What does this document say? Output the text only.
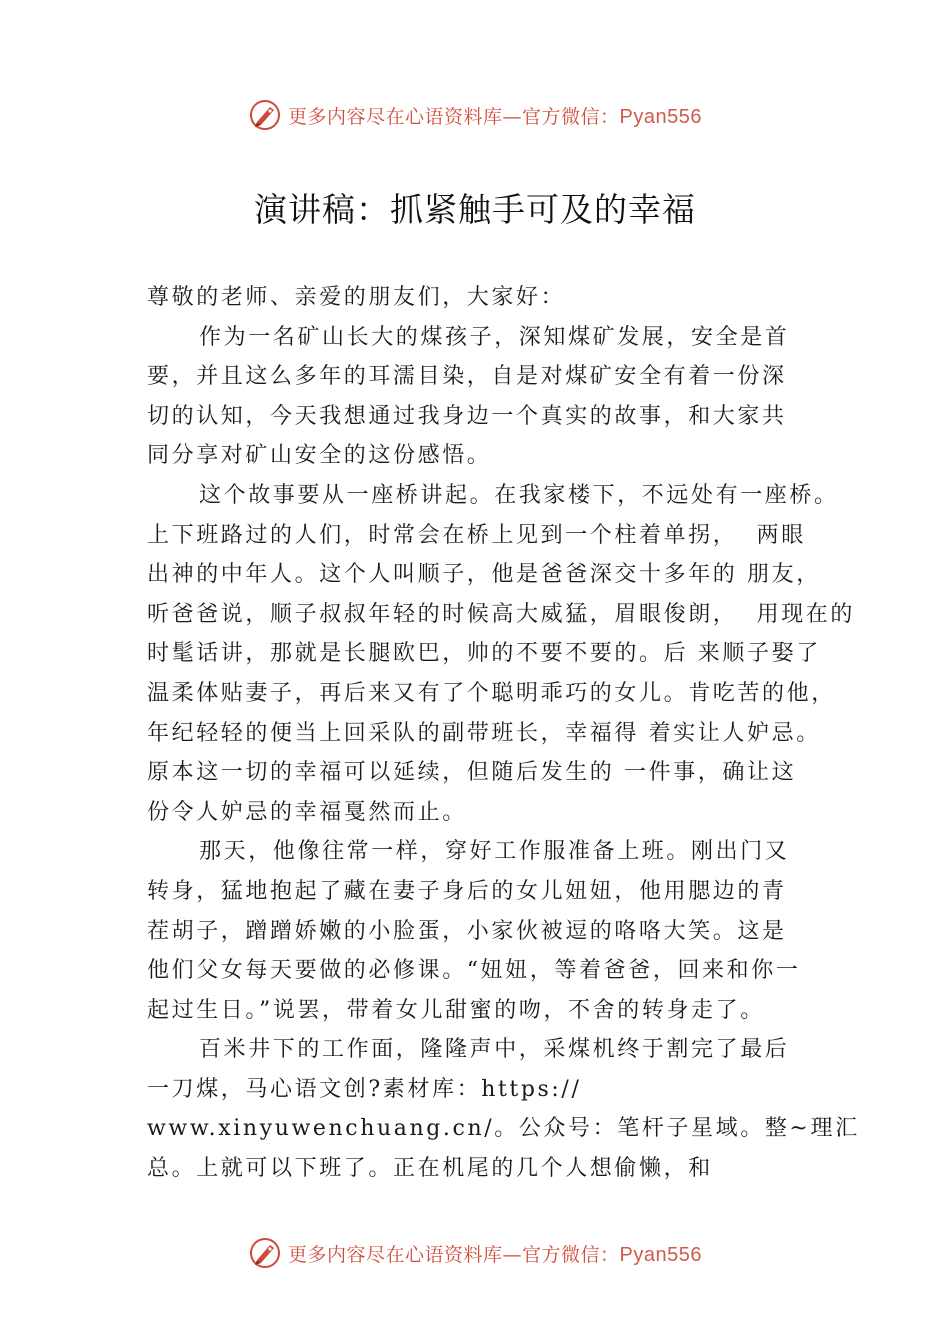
更多内容尽在心语资料库—官方微信：Pyan556
演讲稿：抓紧触手可及的幸福
尊敬的老师、亲爱的朋友们，大家好：
作为一名矿山长大的煤孩子，深知煤矿发展，安全是首
要，并且这么多年的耳濡目染，自是对煤矿安全有着一份深
切的认知，今天我想通过我身边一个真实的故事，和大家共
同分享对矿山安全的这份感悟。
这个故事要从一座桥讲起。在我家楼下，不远处有一座桥。
上下班路过的人们，时常会在桥上见到一个柱着单拐，  两眼
出神的中年人。这个人叫顺子，他是爸爸深交十多年的 朋友，
听爸爸说，顺子叔叔年轻的时候高大威猛，眉眼俊朗，  用现在的
时髦话讲，那就是长腿欧巴，帅的不要不要的。后 来顺子娶了
温柔体贴妻子，再后来又有了个聪明乖巧的女儿。肯吃苦的他，
年纪轻轻的便当上回采队的副带班长，幸福得 着实让人妒忌。
原本这一切的幸福可以延续，但随后发生的 一件事，确让这
份令人妒忌的幸福戛然而止。
那天，他像往常一样，穿好工作服准备上班。刚出门又
转身，猛地抱起了藏在妻子身后的女儿妞妞，他用腮边的青
茬胡子，蹭蹭娇嫩的小脸蛋，小家伙被逗的咯咯大笑。这是
他们父女每天要做的必修课。“妞妞，等着爸爸，回来和你一
起过生日。”说罢，带着女儿甜蜜的吻，不舍的转身走了。
百米井下的工作面，隆隆声中，采煤机终于割完了最后
一刀煤，马心语文创?素材库：https://
www.xinyuwenchuang.cn/。公众号：笔杆子星域。整~理汇
总。上就可以下班了。正在机尾的几个人想偷懒，和
更多内容尽在心语资料库—官方微信：Pyan556
